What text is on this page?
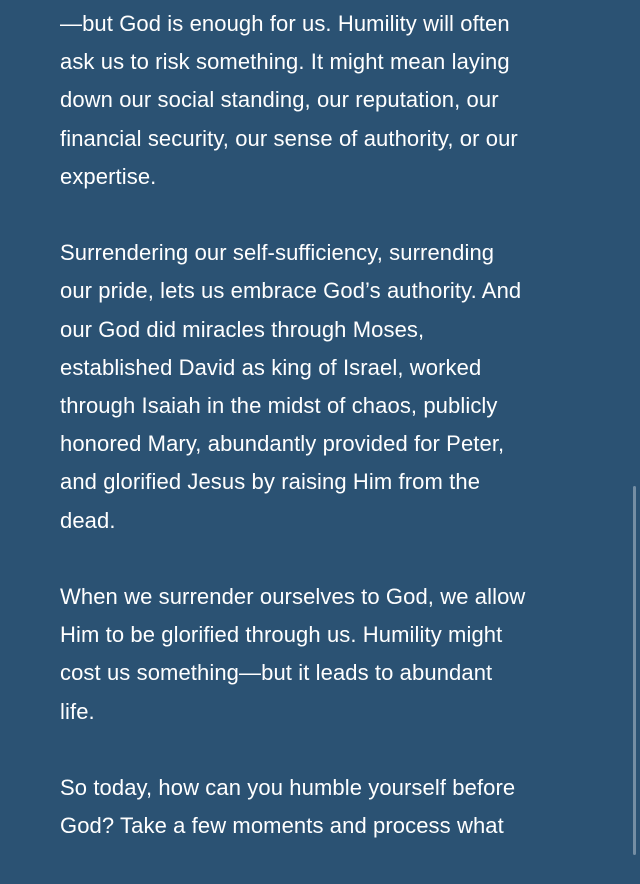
—but God is enough for us. Humility will often
ask us to risk something. It might mean laying
down our social standing, our reputation, our
financial security, our sense of authority, or our
expertise.
Surrendering our self-sufficiency, surrending
our pride, lets us embrace God’s authority. And
our God did miracles through Moses,
established David as king of Israel, worked
through Isaiah in the midst of chaos, publicly
honored Mary, abundantly provided for Peter,
and glorified Jesus by raising Him from the
dead.
When we surrender ourselves to God, we allow
Him to be glorified through us. Humility might
cost us something—but it leads to abundant
life.
So today, how can you humble yourself before
God? Take a few moments and process what
